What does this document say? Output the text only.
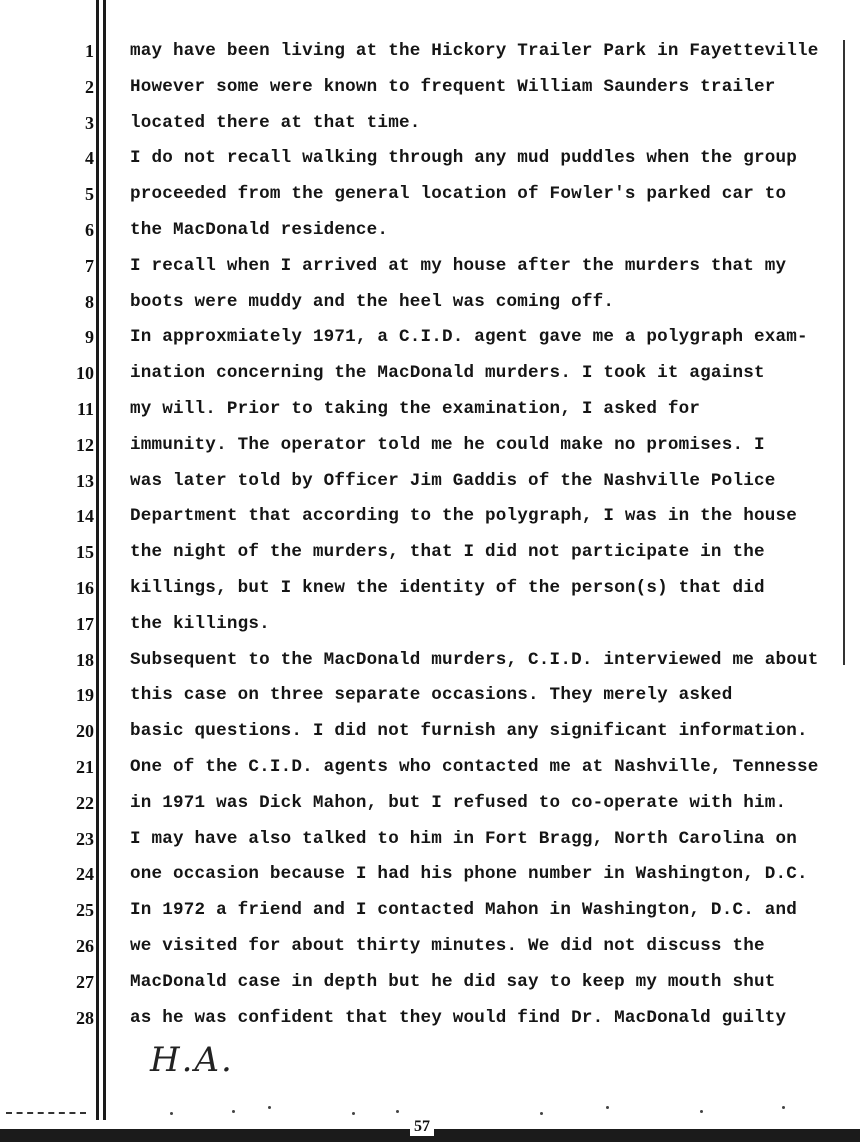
1
2
3
4
5
6
7
8
9
10
11
12
13
14
15
16
17
18
19
20
21
22
23
24
25
26
27
28
may have been living at the Hickory Trailer Park in Fayetteville
However some were known to frequent William Saunders trailer
located there at that time.
I do not recall walking through any mud puddles when the group
proceeded from the general location of Fowler's parked car to
the MacDonald residence.
I recall when I arrived at my house after the murders that my
boots were muddy and the heel was coming off.
In approxmiately 1971, a C.I.D. agent gave me a polygraph exam-
ination concerning the MacDonald murders. I took it against
my will. Prior to taking the examination, I asked for
immunity. The operator told me he could make no promises. I
was later told by Officer Jim Gaddis of the Nashville Police
Department that according to the polygraph, I was in the house
the night of the murders, that I did not participate in the
killings, but I knew the identity of the person(s) that did
the killings.
Subsequent to the MacDonald murders, C.I.D. interviewed me about
this case on three separate occasions. They merely asked
basic questions. I did not furnish any significant information.
One of the C.I.D. agents who contacted me at Nashville, Tennesse
in 1971 was Dick Mahon, but I refused to co-operate with him.
I may have also talked to him in Fort Bragg, North Carolina on
one occasion because I had his phone number in Washington, D.C.
In 1972 a friend and I contacted Mahon in Washington, D.C. and
we visited for about thirty minutes. We did not discuss the
MacDonald case in depth but he did say to keep my mouth shut
as he was confident that they would find Dr. MacDonald guilty
H.A.
57
